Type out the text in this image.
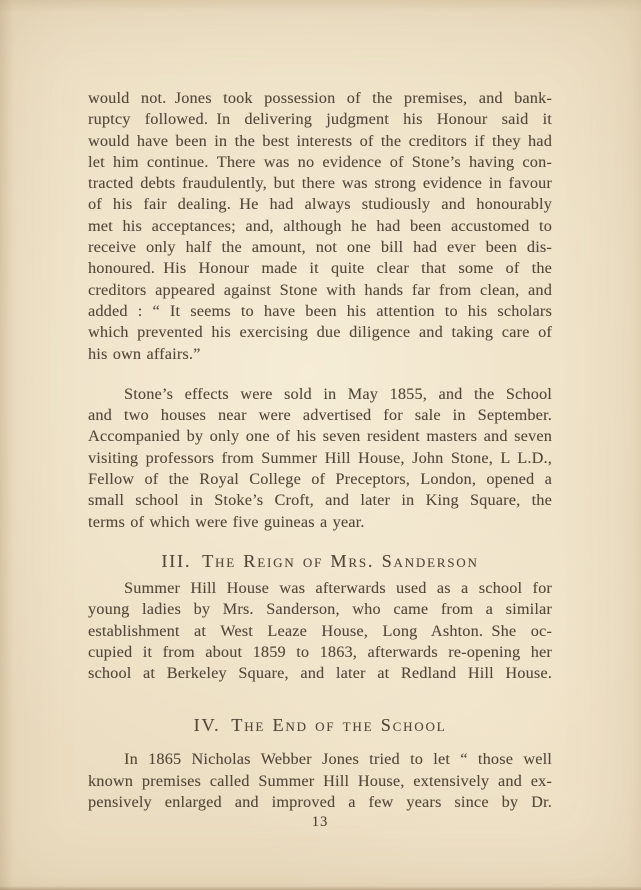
would not. Jones took possession of the premises, and bank-
ruptcy followed. In delivering judgment his Honour said it
would have been in the best interests of the creditors if they had
let him continue. There was no evidence of Stone’s having con-
tracted debts fraudulently, but there was strong evidence in favour
of his fair dealing. He had always studiously and honourably
met his acceptances; and, although he had been accustomed to
receive only half the amount, not one bill had ever been dis-
honoured. His Honour made it quite clear that some of the
creditors appeared against Stone with hands far from clean, and
added : “ It seems to have been his attention to his scholars
which prevented his exercising due diligence and taking care of
his own affairs.”
Stone’s effects were sold in May 1855, and the School
and two houses near were advertised for sale in September.
Accompanied by only one of his seven resident masters and seven
visiting professors from Summer Hill House, John Stone, L L.D.,
Fellow of the Royal College of Preceptors, London, opened a
small school in Stoke’s Croft, and later in King Square, the
terms of which were five guineas a year.
III. The Reign of Mrs. Sanderson
Summer Hill House was afterwards used as a school for
young ladies by Mrs. Sanderson, who came from a similar
establishment at West Leaze House, Long Ashton. She oc-
cupied it from about 1859 to 1863, afterwards re-opening her
school at Berkeley Square, and later at Redland Hill House.
IV. The End of the School
In 1865 Nicholas Webber Jones tried to let “ those well
known premises called Summer Hill House, extensively and ex-
pensively enlarged and improved a few years since by Dr.
13
